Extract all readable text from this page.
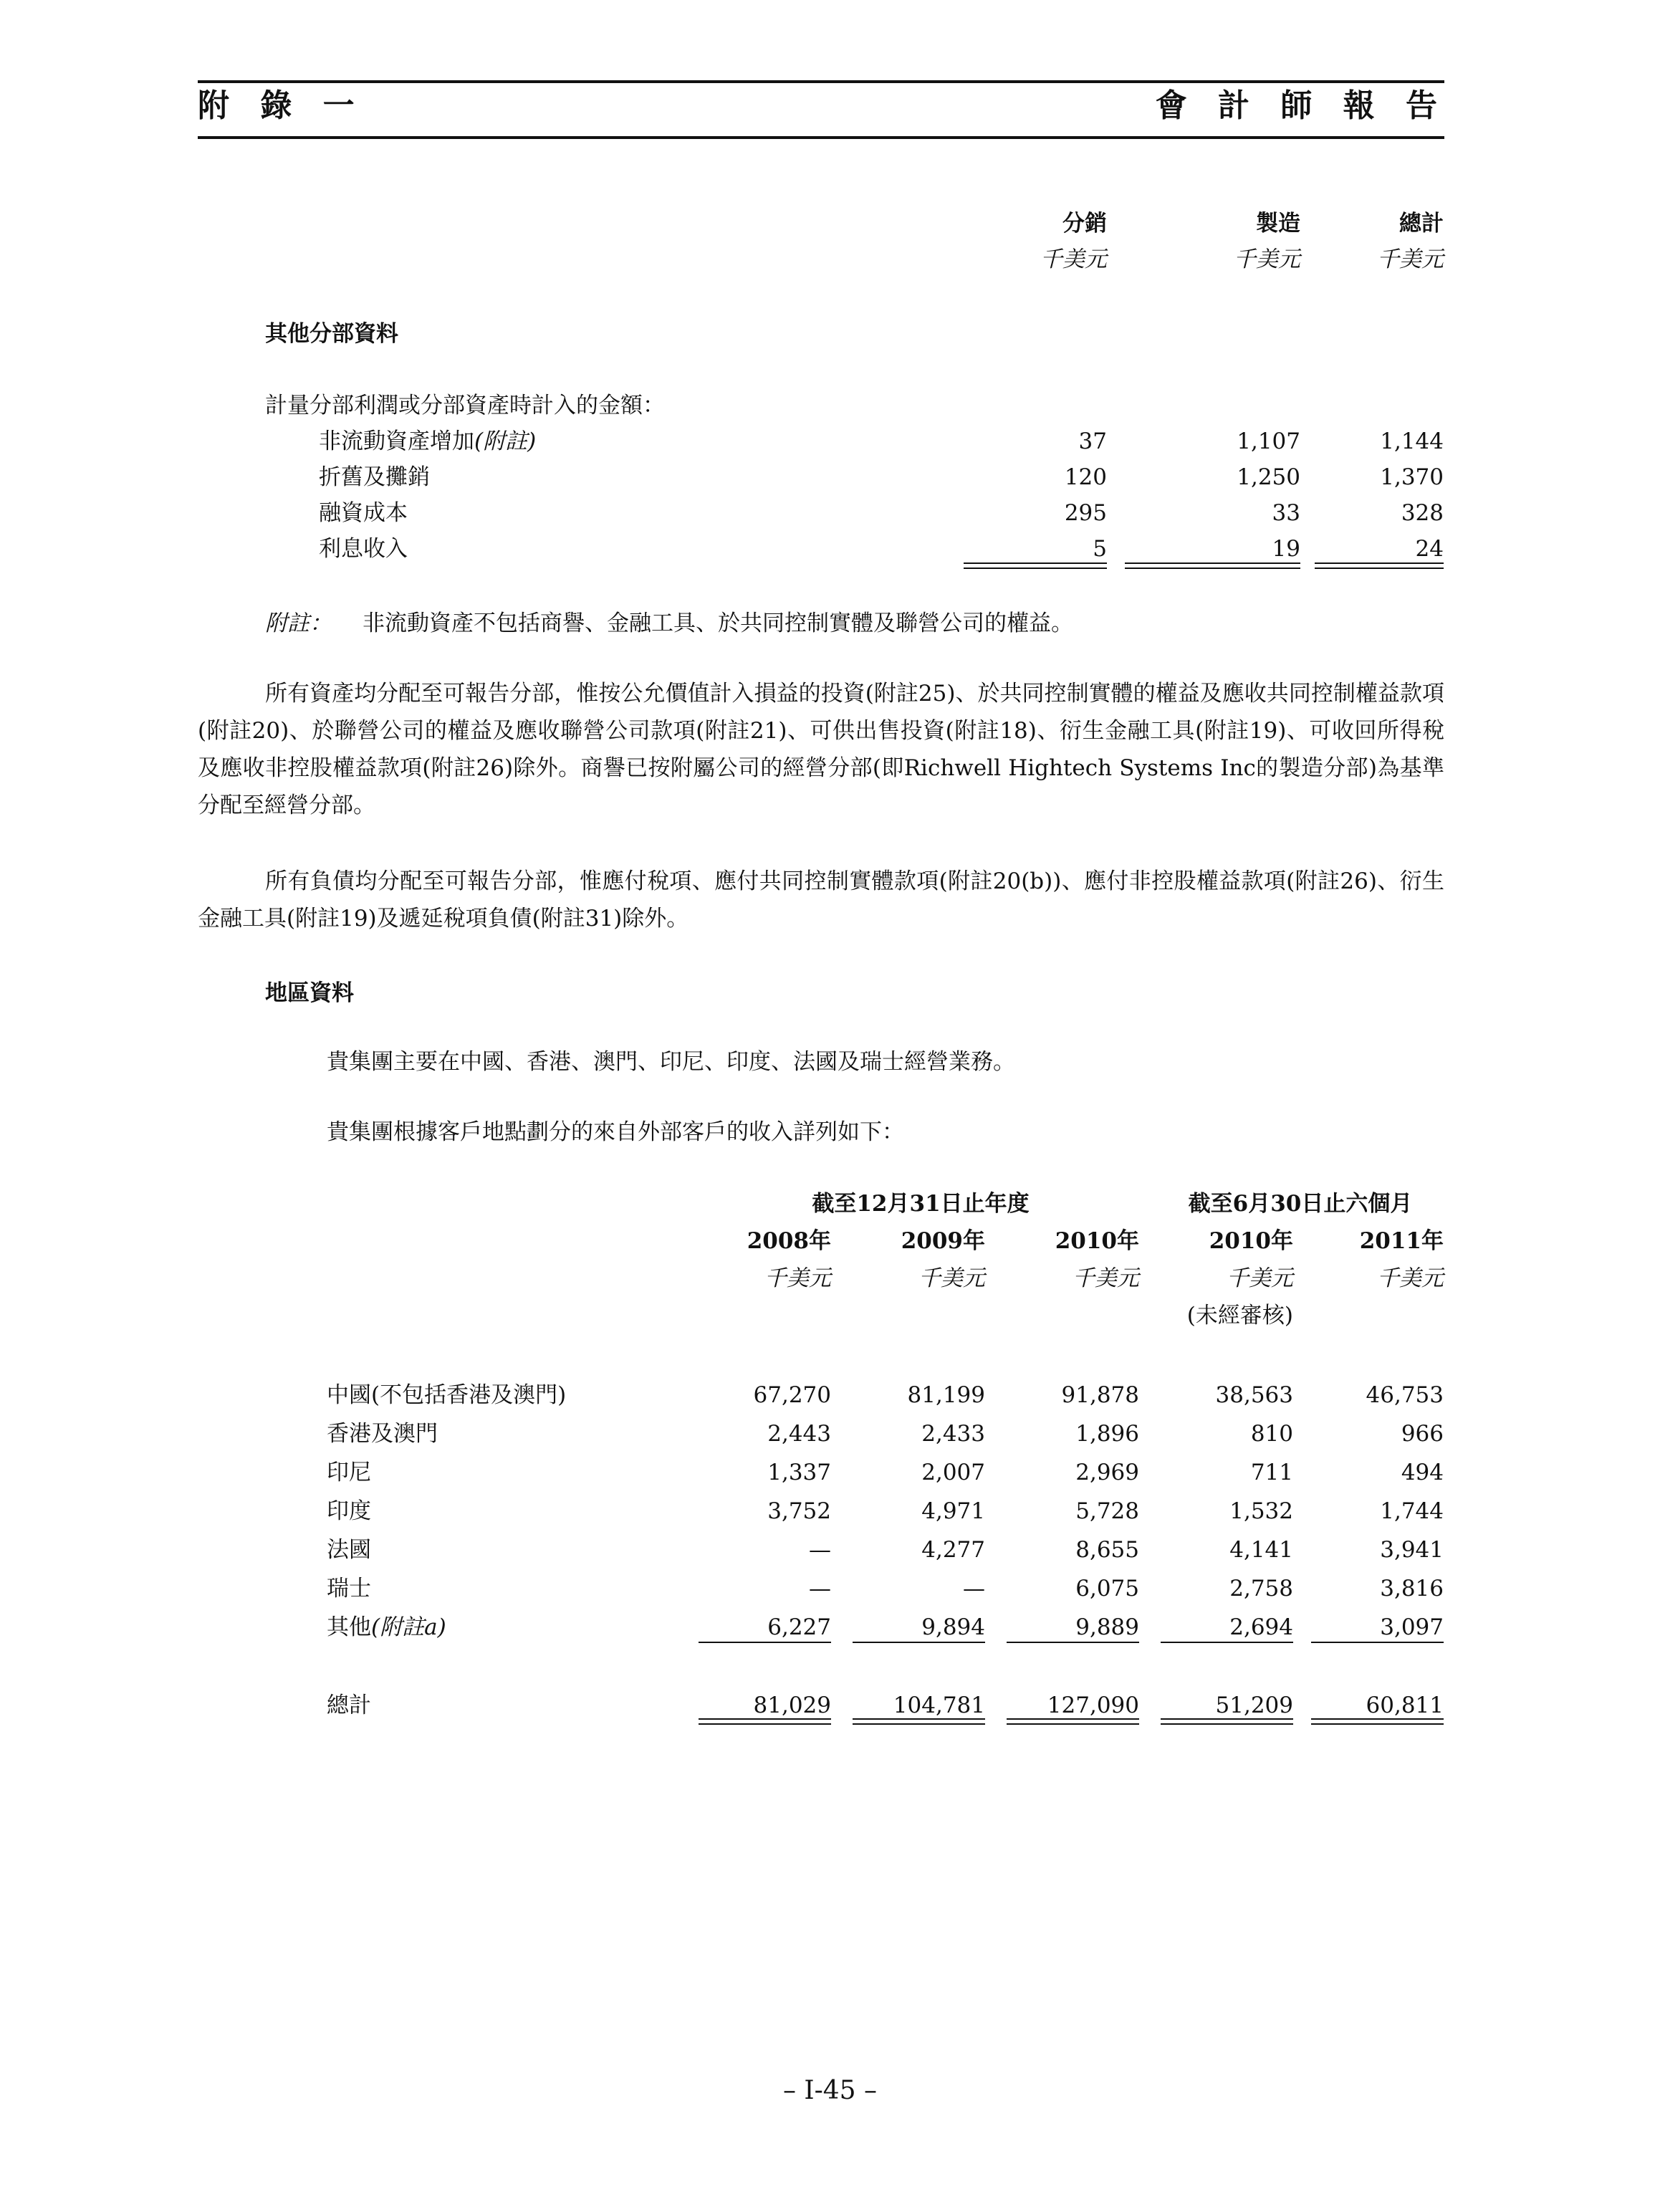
附 錄 一	會 計 師 報 告
分銷	製造	總計
千美元	千美元	千美元
其他分部資料
計量分部利潤或分部資產時計入的金額：
非流動資產增加(附註)	37	1,107	1,144
折舊及攤銷	120	1,250	1,370
融資成本	295	33	328
利息收入	5	19	24
附註： 非流動資產不包括商譽、金融工具、於共同控制實體及聯營公司的權益。

所有資產均分配至可報告分部，惟按公允價值計入損益的投資(附註25)、於共同控制實體的權益及應收共同控制權益款項(附註20)、於聯營公司的權益及應收聯營公司款項(附註21)、可供出售投資(附註18)、衍生金融工具(附註19)、可收回所得稅及應收非控股權益款項(附註26)除外。商譽已按附屬公司的經營分部(即Richwell Hightech Systems Inc的製造分部)為基準分配至經營分部。

所有負債均分配至可報告分部，惟應付稅項、應付共同控制實體款項(附註20(b))、應付非控股權益款項(附註26)、衍生金融工具(附註19)及遞延稅項負債(附註31)除外。

地區資料
貴集團主要在中國、香港、澳門、印尼、印度、法國及瑞士經營業務。
貴集團根據客戶地點劃分的來自外部客戶的收入詳列如下：
截至12月31日止年度	截至6月30日止六個月
2008年	2009年	2010年	2010年	2011年
千美元	千美元	千美元	千美元	千美元
(未經審核)
中國(不包括香港及澳門)	67,270	81,199	91,878	38,563	46,753
香港及澳門	2,443	2,433	1,896	810	966
印尼	1,337	2,007	2,969	711	494
印度	3,752	4,971	5,728	1,532	1,744
法國	—	4,277	8,655	4,141	3,941
瑞士	—	—	6,075	2,758	3,816
其他(附註a)	6,227	9,894	9,889	2,694	3,097
總計	81,029	104,781	127,090	51,209	60,811
– I-45 –
